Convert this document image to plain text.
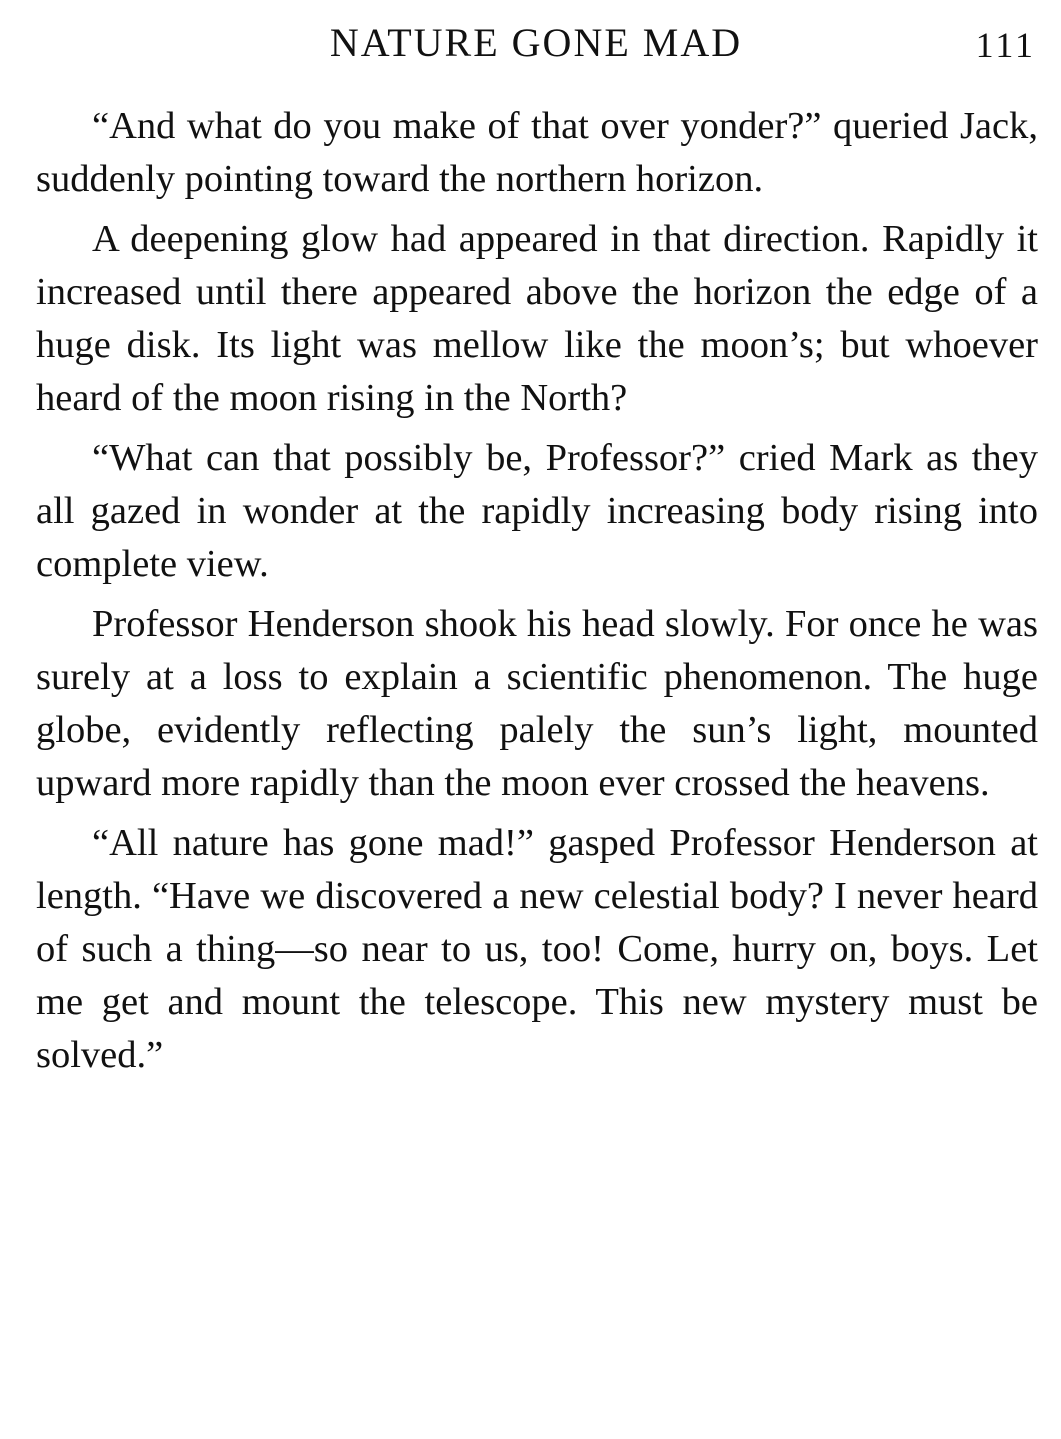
NATURE GONE MAD	111

“And what do you make of that over yonder?” queried Jack, suddenly pointing toward the northern horizon.

A deepening glow had appeared in that direction. Rapidly it increased until there appeared above the horizon the edge of a huge disk. Its light was mellow like the moon’s; but whoever heard of the moon rising in the North?

“What can that possibly be, Professor?” cried Mark as they all gazed in wonder at the rapidly increasing body rising into complete view.

Professor Henderson shook his head slowly. For once he was surely at a loss to explain a scientific phenomenon. The huge globe, evidently reflecting palely the sun’s light, mounted upward more rapidly than the moon ever crossed the heavens.

“All nature has gone mad!” gasped Professor Henderson at length. “Have we discovered a new celestial body? I never heard of such a thing—so near to us, too! Come, hurry on, boys. Let me get and mount the telescope. This new mystery must be solved.”
